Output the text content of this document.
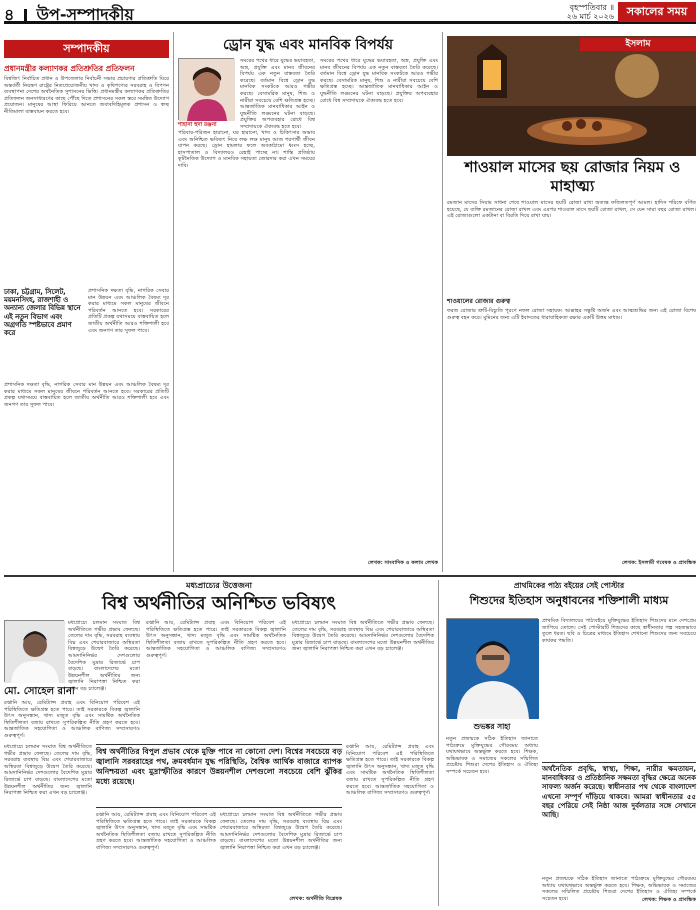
৪ উপ-সম্পাদকীয়	বৃহস্পতিবার ॥
২৬ মার্চ ২০২৬	সকালের সময়
সম্পাদকীয়
প্রধানমন্ত্রীর কল্যাণকর প্রতিশ্রুতির প্রতিফলন
বিশ্বজিৎ নির্বাচিত প্রধান ও উপজেলার নির্বাচনী সভার প্রচারণার প্রতিশ্রুতি ঘিরে অন্তর্বর্তী নিয়ন্ত্রণ রাষ্ট্রের নিত্যপ্রয়োজনীয় খাদ্য ও কৃষিপণ্যের সরবরাহ ও বিপণন ব্যবস্থাপনা দেশের অর্থনৈতিক সুশাসনের ভিত্তি। প্রধানমন্ত্রীর কল্যাণকর প্রতিশ্রুতির প্রতিফলন জনসাধারণের কাছে পৌঁছে দিতে প্রশাসনের সকল স্তরে সমন্বিত উদ্যোগ প্রয়োজন। মানুষের আস্থা ফিরিয়ে আনতে জবাবদিহিমূলক প্রশাসন ও স্বচ্ছ নীতিমালা বাস্তবায়ন করতে হবে।
ঢাকা, চট্টগ্রাম, সিলেট, ময়মনসিংহ, রাজশাহী ও অন্যান্য জেলার বিভিন্ন স্থানে এই নতুন বিভাগ এবং অগ্রগতি স্পষ্টভাবে প্রমাণ করে
প্রশাসনিক দক্ষতা বৃদ্ধি, নাগরিক সেবার মান উন্নয়ন এবং আঞ্চলিক বৈষম্য দূর করার মাধ্যমে সকল মানুষের জীবনে পরিবর্তন আনতে হবে। সরকারের প্রতিটি প্রকল্প যথাসময়ে বাস্তবায়িত হলে জাতীয় অর্থনীতি আরও শক্তিশালী হবে এবং জনগণ তার সুফল পাবে।
প্রশাসনিক দক্ষতা বৃদ্ধি, নাগরিক সেবার মান উন্নয়ন এবং আঞ্চলিক বৈষম্য দূর করার মাধ্যমে সকল মানুষের জীবনে পরিবর্তন আনতে হবে। সরকারের প্রতিটি প্রকল্প যথাসময়ে বাস্তবায়িত হলে জাতীয় অর্থনীতি আরও শক্তিশালী হবে এবং জনগণ তার সুফল পাবে।
ড্রোন যুদ্ধ এবং মানবিক বিপর্যয়
শাহানা হুদা রঞ্জনা
সমরের পথের ধারে যুদ্ধের ভয়াবহতা, অস্ত্র, প্রযুক্তি এবং মানব জীবনের বিপর্যয় এক নতুন বাস্তবতা তৈরি করেছে। বর্তমান বিশ্বে ড্রোন যুদ্ধ মানবিক সংকটকে আরও গভীর করছে। বেসামরিক মানুষ, শিশু ও নারীরা সবচেয়ে বেশি ক্ষতিগ্রস্ত হচ্ছে। আন্তর্জাতিক মানবাধিকার আইন ও যুদ্ধনীতি লঙ্ঘনের ঘটনা বাড়ছে। প্রযুক্তির অপব্যবহার রোধে বিশ্ব সম্প্রদায়কে ঐক্যবদ্ধ হতে হবে।
পরিবার-পরিজন হারানো, ঘর হারানো, খাদ্য ও চিকিৎসার অভাব এবং অনিশ্চিত ভবিষ্যৎ নিয়ে লক্ষ লক্ষ মানুষ আজ শরণার্থী জীবন যাপন করছে। ড্রোন হামলার ফলে অবকাঠামো ধ্বংস হচ্ছে, হাসপাতাল ও বিদ্যালয়ও রেহাই পাচ্ছে না। শান্তি প্রতিষ্ঠায় কূটনৈতিক উদ্যোগ ও মানবিক সহায়তা জোরদার করা এখন সময়ের দাবি।
সমরের পথের ধারে যুদ্ধের ভয়াবহতা, অস্ত্র, প্রযুক্তি এবং মানব জীবনের বিপর্যয় এক নতুন বাস্তবতা তৈরি করেছে। বর্তমান বিশ্বে ড্রোন যুদ্ধ মানবিক সংকটকে আরও গভীর করছে। বেসামরিক মানুষ, শিশু ও নারীরা সবচেয়ে বেশি ক্ষতিগ্রস্ত হচ্ছে। আন্তর্জাতিক মানবাধিকার আইন ও যুদ্ধনীতি লঙ্ঘনের ঘটনা বাড়ছে। প্রযুক্তির অপব্যবহার রোধে বিশ্ব সম্প্রদায়কে ঐক্যবদ্ধ হতে হবে।
লেখক: সাংবাদিক ও কলাম লেখক
ইসলাম
শাওয়াল মাসের ছয় রোজার নিয়ম ও মাহাত্ম্য
রমজান মাসের সিয়াম সাধনা শেষে শাওয়াল মাসের ছয়টি রোজা রাখা অত্যন্ত ফজিলতপূর্ণ আমল। হাদিস শরিফে বর্ণিত হয়েছে, যে ব্যক্তি রমজানের রোজা রাখল এবং এরপর শাওয়াল মাসে ছয়টি রোজা রাখল, সে যেন সারা বছর রোজা রাখল। এই রোজাগুলো একটানা বা বিরতি দিয়ে রাখা যায়।
শাওয়ালের রোজার গুরুত্ব
ফরজ রোজার ত্রুটি-বিচ্যুতি পূরণে নফল রোজা সহায়ক। আল্লাহর সন্তুষ্টি অর্জন এবং আত্মশুদ্ধির জন্য এই রোজা বিশেষ গুরুত্ব বহন করে। মুমিনের জন্য এটি ইবাদতের ধারাবাহিকতা রক্ষার একটি উত্তম মাধ্যম।
লেখক: ইসলামী গবেষক ও প্রাবন্ধিক
মধ্যপ্রাচ্যের উত্তেজনা
বিশ্ব অর্থনীতির অনিশ্চিত ভবিষ্যৎ
মো. সোহেল রানা
মধ্যপ্রাচ্যে চলমান সংঘাত বিশ্ব অর্থনীতিতে গভীর প্রভাব ফেলছে। তেলের দাম বৃদ্ধি, সরবরাহ ব্যবস্থায় বিঘ্ন এবং শেয়ারবাজারে অস্থিরতা বিশ্বজুড়ে উদ্বেগ তৈরি করেছে। আমদানিনির্ভর দেশগুলোর বৈদেশিক মুদ্রার রিজার্ভে চাপ বাড়ছে। বাংলাদেশের মতো উন্নয়নশীল অর্থনীতির জন্য জ্বালানি নিরাপত্তা নিশ্চিত করা এখন বড় চ্যালেঞ্জ।
রপ্তানি আয়, রেমিট্যান্স প্রবাহ এবং বিনিয়োগ পরিবেশ এই পরিস্থিতিতে ক্ষতিগ্রস্ত হতে পারে। তাই সরকারকে বিকল্প জ্বালানি উৎস অনুসন্ধান, খাদ্য মজুত বৃদ্ধি এবং সামষ্টিক অর্থনৈতিক স্থিতিশীলতা বজায় রাখতে সুপরিকল্পিত নীতি গ্রহণ করতে হবে। আন্তর্জাতিক সহযোগিতা ও আঞ্চলিক বাণিজ্য সম্প্রসারণও গুরুত্বপূর্ণ।
মধ্যপ্রাচ্যে চলমান সংঘাত বিশ্ব অর্থনীতিতে গভীর প্রভাব ফেলছে। তেলের দাম বৃদ্ধি, সরবরাহ ব্যবস্থায় বিঘ্ন এবং শেয়ারবাজারে অস্থিরতা বিশ্বজুড়ে উদ্বেগ তৈরি করেছে। আমদানিনির্ভর দেশগুলোর বৈদেশিক মুদ্রার রিজার্ভে চাপ বাড়ছে। বাংলাদেশের মতো উন্নয়নশীল অর্থনীতির জন্য জ্বালানি নিরাপত্তা নিশ্চিত করা এখন বড় চ্যালেঞ্জ।
রপ্তানি আয়, রেমিট্যান্স প্রবাহ এবং বিনিয়োগ পরিবেশ এই পরিস্থিতিতে ক্ষতিগ্রস্ত হতে পারে। তাই সরকারকে বিকল্প জ্বালানি উৎস অনুসন্ধান, খাদ্য মজুত বৃদ্ধি এবং সামষ্টিক অর্থনৈতিক স্থিতিশীলতা বজায় রাখতে সুপরিকল্পিত নীতি গ্রহণ করতে হবে। আন্তর্জাতিক সহযোগিতা ও আঞ্চলিক বাণিজ্য সম্প্রসারণও গুরুত্বপূর্ণ।
বিশ্ব অর্থনীতির বিপুল প্রভাব থেকে মুক্তি পাবে না কোনো দেশ। বিশ্বের সবচেয়ে বড় জ্বালানি সরবরাহের পথ, ক্রমবর্ধমান যুদ্ধ পরিস্থিতি, বৈশ্বিক আর্থিক বাজারে ব্যাপক অনিশ্চয়তা এবং মুদ্রাস্ফীতির কারণে উন্নয়নশীল দেশগুলো সবচেয়ে বেশি ঝুঁকির মধ্যে রয়েছে।
মধ্যপ্রাচ্যে চলমান সংঘাত বিশ্ব অর্থনীতিতে গভীর প্রভাব ফেলছে। তেলের দাম বৃদ্ধি, সরবরাহ ব্যবস্থায় বিঘ্ন এবং শেয়ারবাজারে অস্থিরতা বিশ্বজুড়ে উদ্বেগ তৈরি করেছে। আমদানিনির্ভর দেশগুলোর বৈদেশিক মুদ্রার রিজার্ভে চাপ বাড়ছে। বাংলাদেশের মতো উন্নয়নশীল অর্থনীতির জন্য জ্বালানি নিরাপত্তা নিশ্চিত করা এখন বড় চ্যালেঞ্জ।
রপ্তানি আয়, রেমিট্যান্স প্রবাহ এবং বিনিয়োগ পরিবেশ এই পরিস্থিতিতে ক্ষতিগ্রস্ত হতে পারে। তাই সরকারকে বিকল্প জ্বালানি উৎস অনুসন্ধান, খাদ্য মজুত বৃদ্ধি এবং সামষ্টিক অর্থনৈতিক স্থিতিশীলতা বজায় রাখতে সুপরিকল্পিত নীতি গ্রহণ করতে হবে। আন্তর্জাতিক সহযোগিতা ও আঞ্চলিক বাণিজ্য সম্প্রসারণও গুরুত্বপূর্ণ।
রপ্তানি আয়, রেমিট্যান্স প্রবাহ এবং বিনিয়োগ পরিবেশ এই পরিস্থিতিতে ক্ষতিগ্রস্ত হতে পারে। তাই সরকারকে বিকল্প জ্বালানি উৎস অনুসন্ধান, খাদ্য মজুত বৃদ্ধি এবং সামষ্টিক অর্থনৈতিক স্থিতিশীলতা বজায় রাখতে সুপরিকল্পিত নীতি গ্রহণ করতে হবে। আন্তর্জাতিক সহযোগিতা ও আঞ্চলিক বাণিজ্য সম্প্রসারণও গুরুত্বপূর্ণ।
মধ্যপ্রাচ্যে চলমান সংঘাত বিশ্ব অর্থনীতিতে গভীর প্রভাব ফেলছে। তেলের দাম বৃদ্ধি, সরবরাহ ব্যবস্থায় বিঘ্ন এবং শেয়ারবাজারে অস্থিরতা বিশ্বজুড়ে উদ্বেগ তৈরি করেছে। আমদানিনির্ভর দেশগুলোর বৈদেশিক মুদ্রার রিজার্ভে চাপ বাড়ছে। বাংলাদেশের মতো উন্নয়নশীল অর্থনীতির জন্য জ্বালানি নিরাপত্তা নিশ্চিত করা এখন বড় চ্যালেঞ্জ।
লেখক: অর্থনীতি বিশ্লেষক
প্রাথমিকের পাঠ্য বইয়ের সেই পোস্টার
শিশুদের ইতিহাস অনুধাবনের শক্তিশালী মাধ্যম
শুভঙ্কর সাহা
প্রাথমিক বিদ্যালয়ের পাঠ্যবইয়ে মুক্তিযুদ্ধের ইতিহাস শিশুদের মনে দেশপ্রেম জাগিয়ে তোলে। সেই পোস্টারটি শিশুদের কাছে স্বাধীনতার গল্প সহজভাবে তুলে ধরত। ছবি ও চিত্রের মাধ্যমে ইতিহাস শেখানো শিশুদের জন্য সবচেয়ে কার্যকর পদ্ধতি।
নতুন প্রজন্মকে সঠিক ইতিহাস জানাতে পাঠ্যক্রমে মুক্তিযুদ্ধের গৌরবময় অধ্যায় যথাযথভাবে অন্তর্ভুক্ত করতে হবে। শিক্ষক, অভিভাবক ও সমাজের সকলের সম্মিলিত প্রচেষ্টায় শিশুরা দেশের ইতিহাস ও ঐতিহ্য সম্পর্কে সচেতন হবে।	অর্থনৈতিক প্রবৃদ্ধি, স্বাস্থ্য, শিক্ষা, নারীর ক্ষমতায়ন, মানবাধিকার ও প্রতিষ্ঠানিক সক্ষমতা বৃদ্ধির ক্ষেত্রে অনেক সাফল্য অর্জন করেছে। স্বাধীনতার পথ থেকে বাংলাদেশ এখনো সম্পূর্ণ দাঁড়িয়ে থাকবে। আমরা স্বাধীনতার ৫৫ বছর পেরিয়ে সেই নিষ্ঠা আজ দুর্বলতার সঙ্গে সেখানে আছি।
নতুন প্রজন্মকে সঠিক ইতিহাস জানাতে পাঠ্যক্রমে মুক্তিযুদ্ধের গৌরবময় অধ্যায় যথাযথভাবে অন্তর্ভুক্ত করতে হবে। শিক্ষক, অভিভাবক ও সমাজের সকলের সম্মিলিত প্রচেষ্টায় শিশুরা দেশের ইতিহাস ও ঐতিহ্য সম্পর্কে সচেতন হবে।	লেখক: শিক্ষক ও প্রাবন্ধিক
